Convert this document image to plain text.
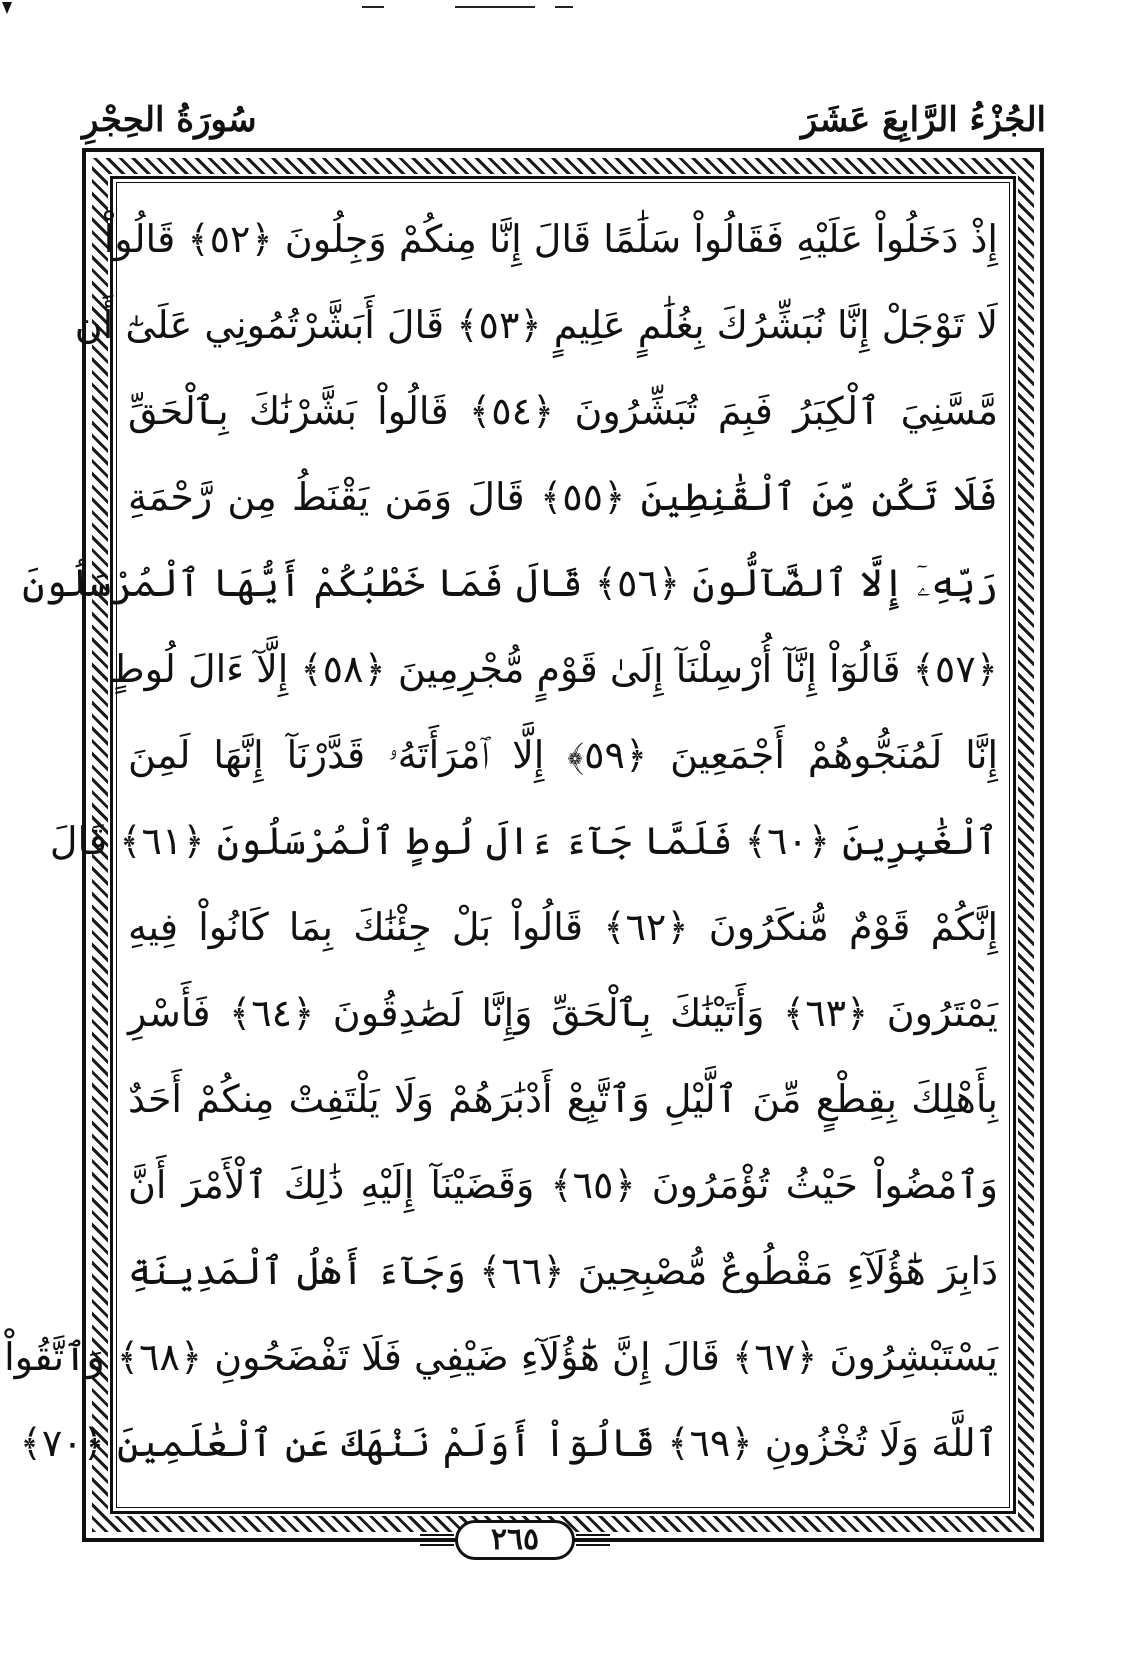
الجُزْءُ الرَّابِعَ عَشَرَ
سُورَةُ الحِجْرِ
إِذْ دَخَلُواْ عَلَيْهِ فَقَالُواْ سَلَٰمًا قَالَ إِنَّا مِنكُمْ وَجِلُونَ ﴿٥٢﴾ قَالُواْ
لَا تَوْجَلْ إِنَّا نُبَشِّرُكَ بِغُلَٰمٍ عَلِيمٍ ﴿٥٣﴾ قَالَ أَبَشَّرْتُمُونِي عَلَىٰٓ أَن
مَّسَّنِيَ ٱلْكِبَرُ فَبِمَ تُبَشِّرُونَ ﴿٥٤﴾ قَالُواْ بَشَّرْنَٰكَ بِٱلْحَقِّ
فَلَا تَكُن مِّنَ ٱلْقَٰنِطِينَ ﴿٥٥﴾ قَالَ وَمَن يَقْنَطُ مِن رَّحْمَةِ
رَبِّهِۦٓ إِلَّا ٱلضَّآلُّونَ ﴿٥٦﴾ قَالَ فَمَا خَطْبُكُمْ أَيُّهَا ٱلْمُرْسَلُونَ
﴿٥٧﴾ قَالُوٓاْ إِنَّآ أُرْسِلْنَآ إِلَىٰ قَوْمٍ مُّجْرِمِينَ ﴿٥٨﴾ إِلَّآ ءَالَ لُوطٍ
إِنَّا لَمُنَجُّوهُمْ أَجْمَعِينَ ﴿٥٩﴾ إِلَّا ٱمْرَأَتَهُۥ قَدَّرْنَآ إِنَّهَا لَمِنَ
ٱلْغَٰبِرِينَ ﴿٦٠﴾ فَلَمَّا جَآءَ ءَالَ لُوطٍ ٱلْمُرْسَلُونَ ﴿٦١﴾ قَالَ
إِنَّكُمْ قَوْمٌ مُّنكَرُونَ ﴿٦٢﴾ قَالُواْ بَلْ جِئْنَٰكَ بِمَا كَانُواْ فِيهِ
يَمْتَرُونَ ﴿٦٣﴾ وَأَتَيْنَٰكَ بِٱلْحَقِّ وَإِنَّا لَصَٰدِقُونَ ﴿٦٤﴾ فَأَسْرِ
بِأَهْلِكَ بِقِطْعٍ مِّنَ ٱلَّيْلِ وَٱتَّبِعْ أَدْبَٰرَهُمْ وَلَا يَلْتَفِتْ مِنكُمْ أَحَدٌ
وَٱمْضُواْ حَيْثُ تُؤْمَرُونَ ﴿٦٥﴾ وَقَضَيْنَآ إِلَيْهِ ذَٰلِكَ ٱلْأَمْرَ أَنَّ
دَابِرَ هَٰٓؤُلَآءِ مَقْطُوعٌ مُّصْبِحِينَ ﴿٦٦﴾ وَجَآءَ أَهْلُ ٱلْمَدِينَةِ
يَسْتَبْشِرُونَ ﴿٦٧﴾ قَالَ إِنَّ هَٰٓؤُلَآءِ ضَيْفِي فَلَا تَفْضَحُونِ ﴿٦٨﴾ وَٱتَّقُواْ
ٱللَّهَ وَلَا تُخْزُونِ ﴿٦٩﴾ قَالُوٓاْ أَوَلَمْ نَنْهَكَ عَنِ ٱلْعَٰلَمِينَ ﴿٧٠﴾
٢٦٥
